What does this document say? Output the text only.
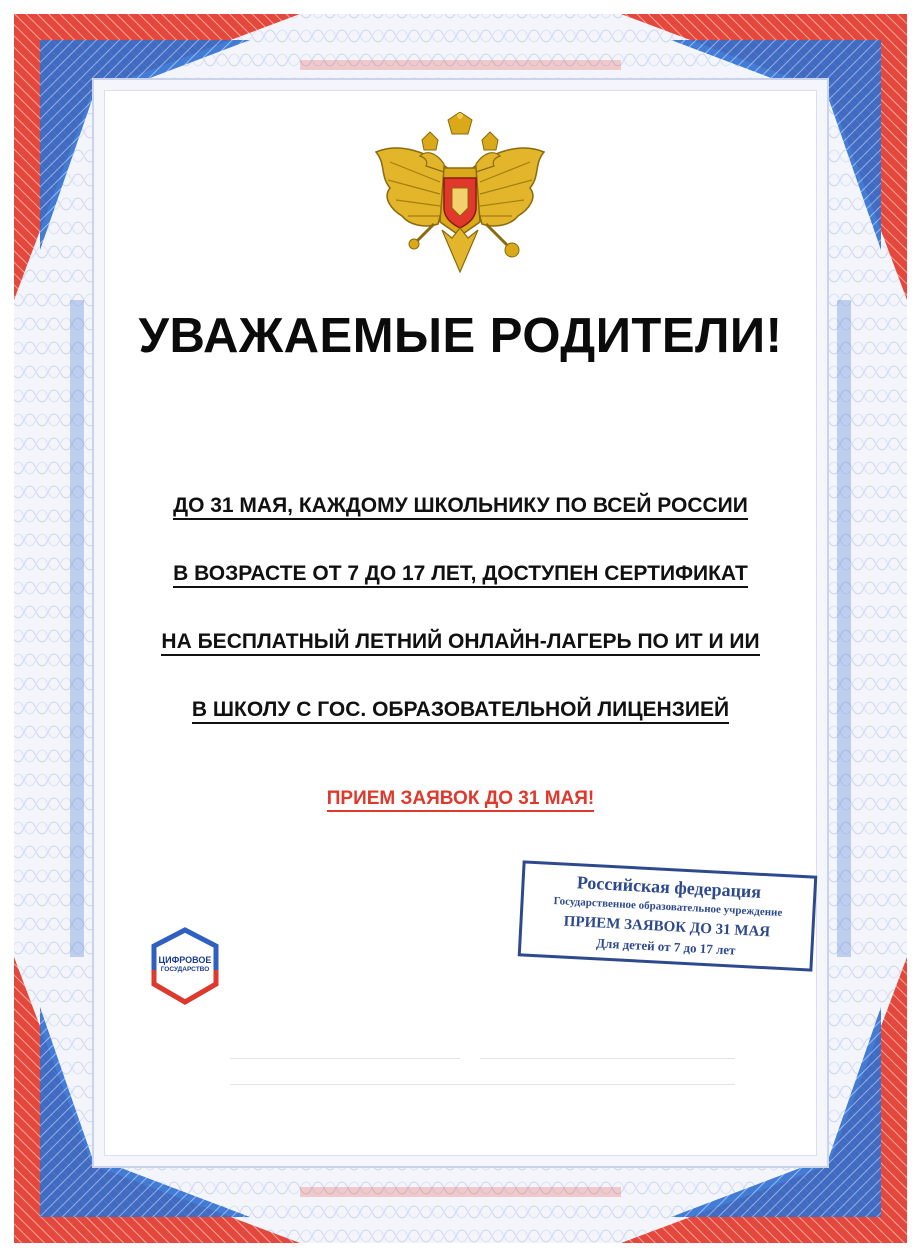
УВАЖАЕМЫЕ РОДИТЕЛИ!
ДО 31 МАЯ, КАЖДОМУ ШКОЛЬНИКУ ПО ВСЕЙ РОССИИ
В ВОЗРАСТЕ ОТ 7 ДО 17 ЛЕТ, ДОСТУПЕН СЕРТИФИКАТ
НА БЕСПЛАТНЫЙ ЛЕТНИЙ ОНЛАЙН-ЛАГЕРЬ ПО ИТ И ИИ
В ШКОЛУ С ГОС. ОБРАЗОВАТЕЛЬНОЙ ЛИЦЕНЗИЕЙ
ПРИЕМ ЗАЯВОК ДО 31 МАЯ!
Российская федерация
Государственное образовательное учреждение
ПРИЕМ ЗАЯВОК ДО 31 МАЯ
Для детей от 7 до 17 лет
ЦИФРОВОЕ
ГОСУДАРСТВО
